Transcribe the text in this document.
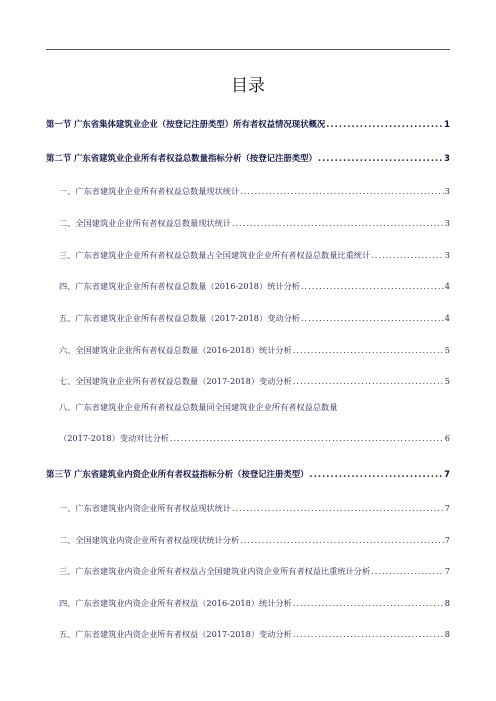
目录
第一节 广东省集体建筑业企业（按登记注册类型）所有者权益情况现状概况 .....	1
第二节 广东省建筑业企业所有者权益总数量指标分析（按登记注册类型） .....	3
一、广东省建筑业企业所有者权益总数量现状统计 .....	3
二、全国建筑业企业所有者权益总数量现状统计 .....	3
三、广东省建筑业企业所有者权益总数量占全国建筑业企业所有者权益总数量比重统计 .....	3
四、广东省建筑业企业所有者权益总数量（2016-2018）统计分析 .....	4
五、广东省建筑业企业所有者权益总数量（2017-2018）变动分析 .....	4
六、全国建筑业企业所有者权益总数量（2016-2018）统计分析 .....	5
七、全国建筑业企业所有者权益总数量（2017-2018）变动分析 .....	5
八、广东省建筑业企业所有者权益总数量同全国建筑业企业所有者权益总数量
（2017-2018）变动对比分析 .....	6
第三节 广东省建筑业内资企业所有者权益指标分析（按登记注册类型） .....	7
一、广东省建筑业内资企业所有者权益现状统计 .....	7
二、全国建筑业内资企业所有者权益现状统计分析 .....	7
三、广东省建筑业内资企业所有者权益占全国建筑业内资企业所有者权益比重统计分析 .....	7
四、广东省建筑业内资企业所有者权益（2016-2018）统计分析 .....	8
五、广东省建筑业内资企业所有者权益（2017-2018）变动分析 .....	8
